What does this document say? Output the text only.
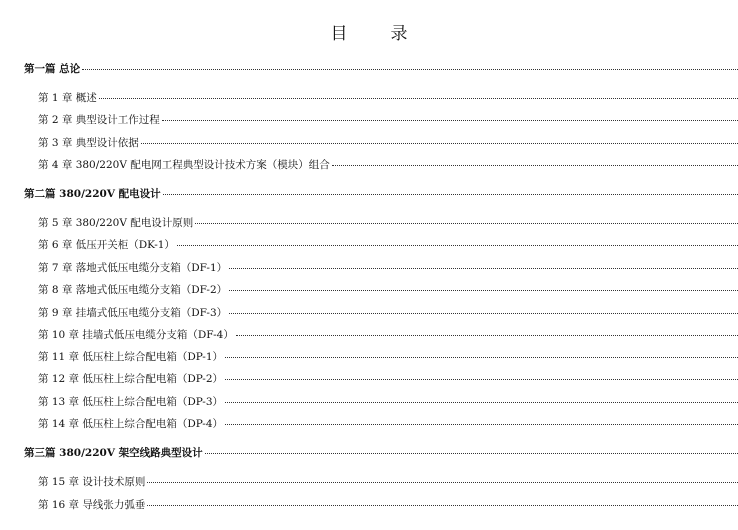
目　录
第一篇 总论
第 1 章 概述
第 2 章 典型设计工作过程
第 3 章 典型设计依据
第 4 章 380/220V 配电网工程典型设计技术方案（模块）组合
第二篇 380/220V 配电设计
第 5 章 380/220V 配电设计原则
第 6 章 低压开关柜（DK-1）
第 7 章 落地式低压电缆分支箱（DF-1）
第 8 章 落地式低压电缆分支箱（DF-2）
第 9 章 挂墙式低压电缆分支箱（DF-3）
第 10 章 挂墙式低压电缆分支箱（DF-4）
第 11 章 低压柱上综合配电箱（DP-1）
第 12 章 低压柱上综合配电箱（DP-2）
第 13 章 低压柱上综合配电箱（DP-3）
第 14 章 低压柱上综合配电箱（DP-4）
第三篇 380/220V 架空线路典型设计
第 15 章 设计技术原则
第 16 章 导线张力弧垂
